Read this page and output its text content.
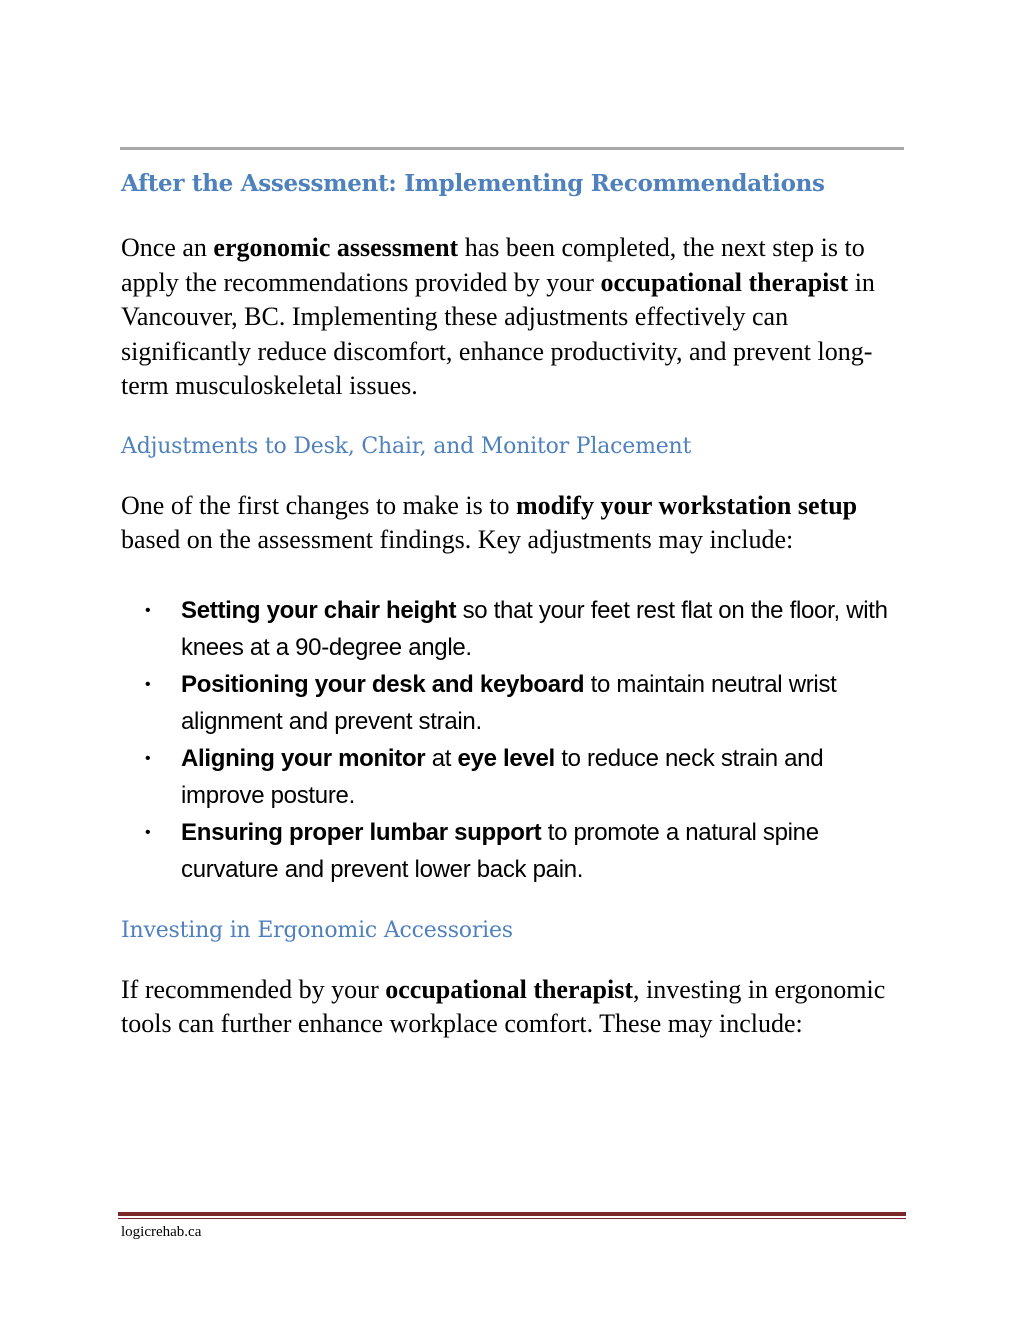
After the Assessment: Implementing Recommendations

Once an ergonomic assessment has been completed, the next step is to apply the recommendations provided by your occupational therapist in Vancouver, BC. Implementing these adjustments effectively can significantly reduce discomfort, enhance productivity, and prevent long-term musculoskeletal issues.

Adjustments to Desk, Chair, and Monitor Placement

One of the first changes to make is to modify your workstation setup based on the assessment findings. Key adjustments may include:

• Setting your chair height so that your feet rest flat on the floor, with knees at a 90-degree angle.
• Positioning your desk and keyboard to maintain neutral wrist alignment and prevent strain.
• Aligning your monitor at eye level to reduce neck strain and improve posture.
• Ensuring proper lumbar support to promote a natural spine curvature and prevent lower back pain.
Investing in Ergonomic Accessories

If recommended by your occupational therapist, investing in ergonomic tools can further enhance workplace comfort. These may include:

logicrehab.ca
